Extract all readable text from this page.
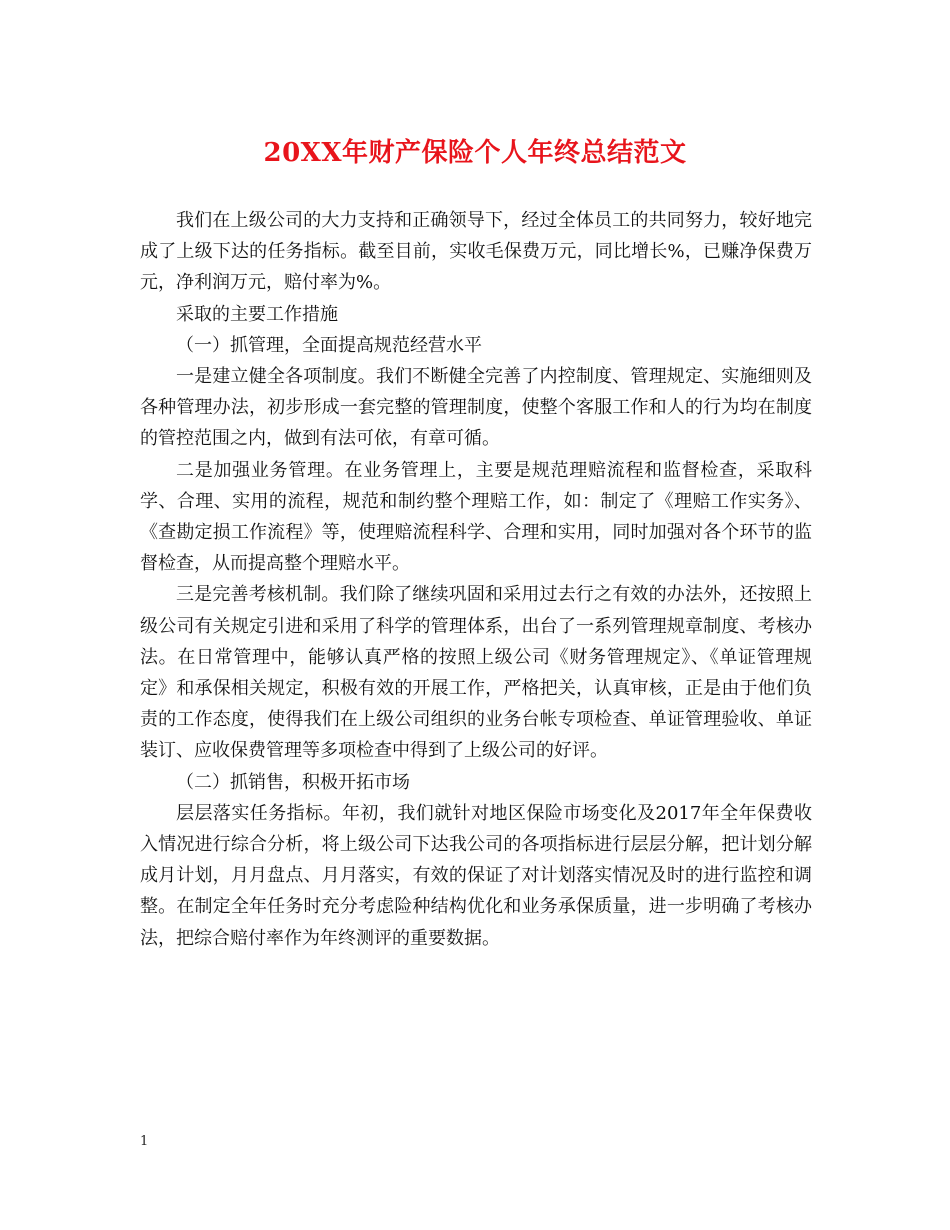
20XX年财产保险个人年终总结范文

我们在上级公司的大力支持和正确领导下，经过全体员工的共同努力，较好地完成了上级下达的任务指标。截至目前，实收毛保费万元，同比增长%，已赚净保费万元，净利润万元，赔付率为%。

采取的主要工作措施

（一）抓管理，全面提高规范经营水平

一是建立健全各项制度。我们不断健全完善了内控制度、管理规定、实施细则及各种管理办法，初步形成一套完整的管理制度，使整个客服工作和人的行为均在制度的管控范围之内，做到有法可依，有章可循。

二是加强业务管理。在业务管理上，主要是规范理赔流程和监督检查，采取科学、合理、实用的流程，规范和制约整个理赔工作，如：制定了《理赔工作实务》、《查勘定损工作流程》等，使理赔流程科学、合理和实用，同时加强对各个环节的监督检查，从而提高整个理赔水平。

三是完善考核机制。我们除了继续巩固和采用过去行之有效的办法外，还按照上级公司有关规定引进和采用了科学的管理体系，出台了一系列管理规章制度、考核办法。在日常管理中，能够认真严格的按照上级公司《财务管理规定》、《单证管理规定》和承保相关规定，积极有效的开展工作，严格把关，认真审核，正是由于他们负责的工作态度，使得我们在上级公司组织的业务台帐专项检查、单证管理验收、单证装订、应收保费管理等多项检查中得到了上级公司的好评。

（二）抓销售，积极开拓市场

层层落实任务指标。年初，我们就针对地区保险市场变化及2017年全年保费收入情况进行综合分析，将上级公司下达我公司的各项指标进行层层分解，把计划分解成月计划，月月盘点、月月落实，有效的保证了对计划落实情况及时的进行监控和调整。在制定全年任务时充分考虑险种结构优化和业务承保质量，进一步明确了考核办法，把综合赔付率作为年终测评的重要数据。

1
